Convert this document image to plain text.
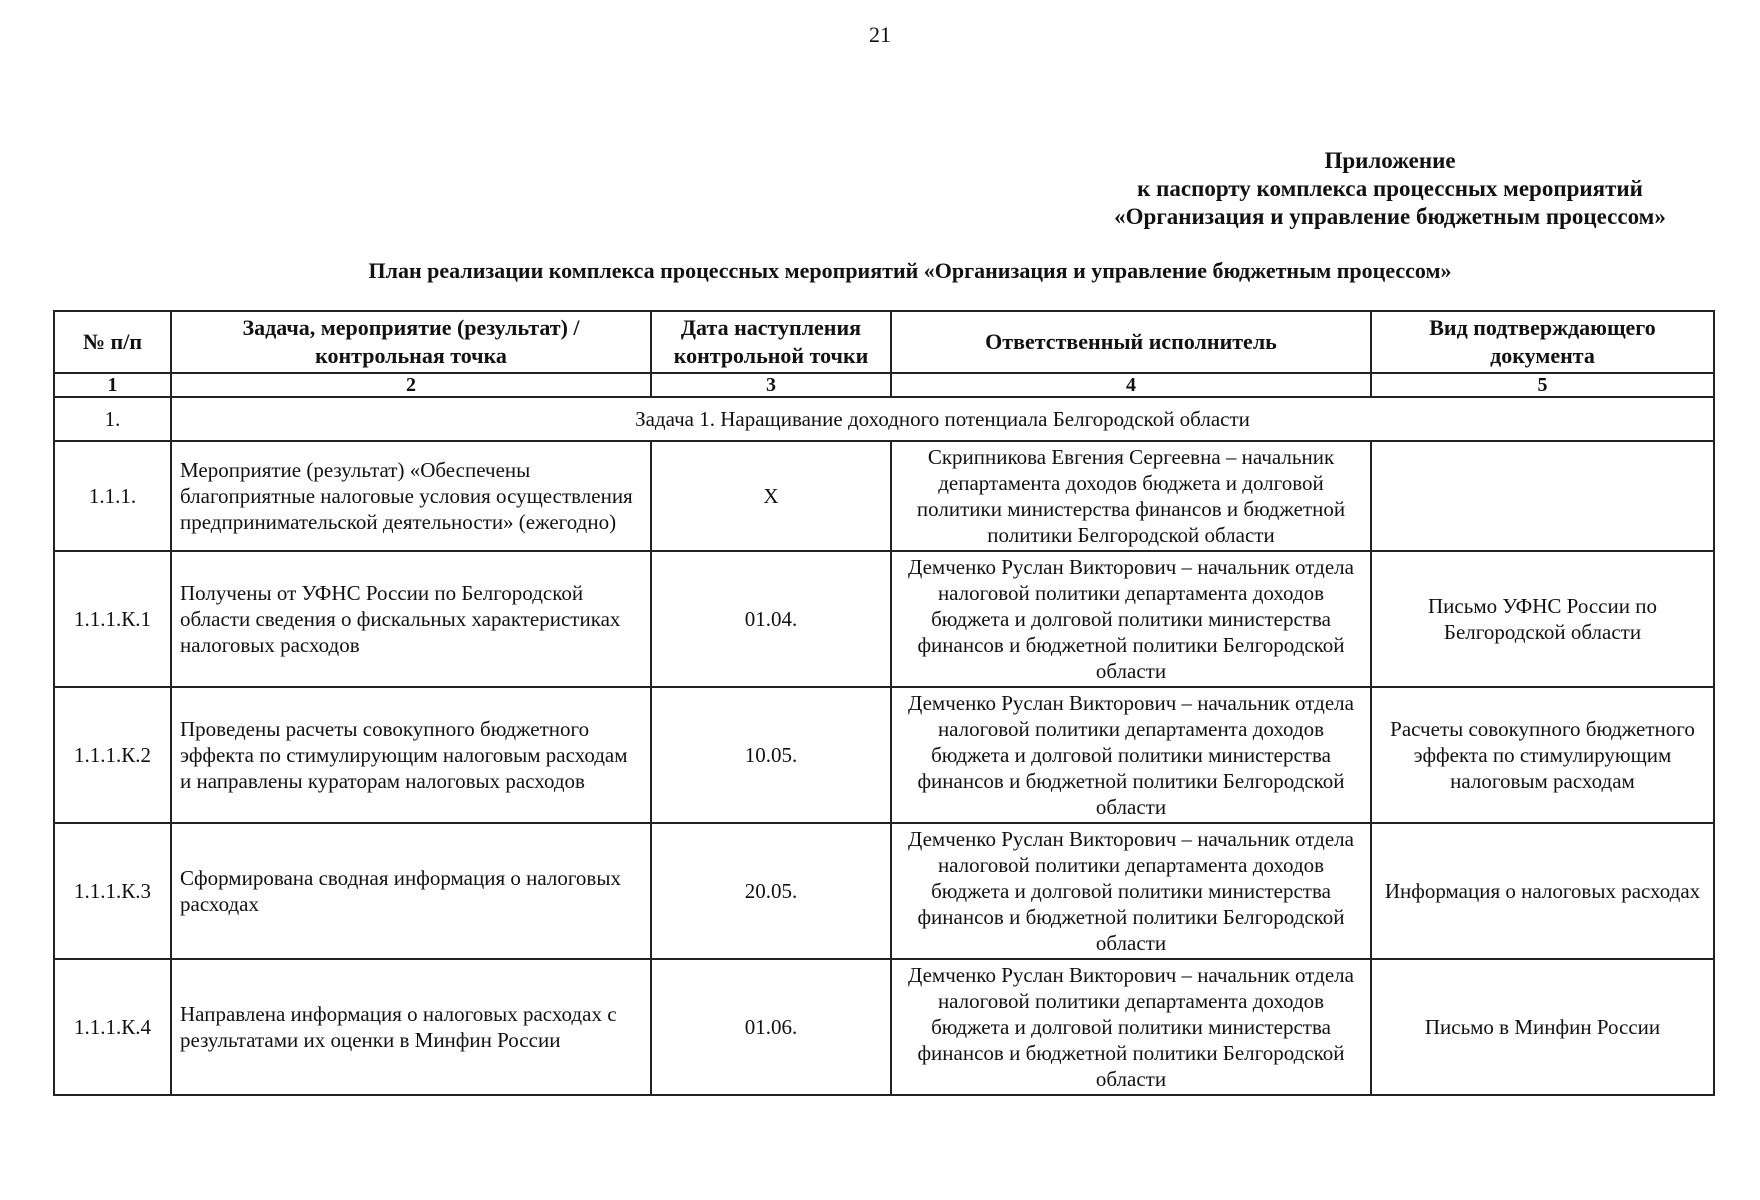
21
Приложение
к паспорту комплекса процессных мероприятий
«Организация и управление бюджетным процессом»
План реализации комплекса процессных мероприятий «Организация и управление бюджетным процессом»
№ п/п	Задача, мероприятие (результат) / контрольная точка	Дата наступления контрольной точки	Ответственный исполнитель	Вид подтверждающего документа
1	2	3	4	5
1.	Задача 1. Наращивание доходного потенциала Белгородской области			
1.1.1.	Мероприятие (результат) «Обеспечены благоприятные налоговые условия осуществления предпринимательской деятельности» (ежегодно)	Х	Скрипникова Евгения Сергеевна – начальник департамента доходов бюджета и долговой политики министерства финансов и бюджетной политики Белгородской области	
1.1.1.К.1	Получены от УФНС России по Белгородской области сведения о фискальных характеристиках налоговых расходов	01.04.	Демченко Руслан Викторович – начальник отдела налоговой политики департамента доходов бюджета и долговой политики министерства финансов и бюджетной политики Белгородской области	Письмо УФНС России по Белгородской области
1.1.1.К.2	Проведены расчеты совокупного бюджетного эффекта по стимулирующим налоговым расходам и направлены кураторам налоговых расходов	10.05.	Демченко Руслан Викторович – начальник отдела налоговой политики департамента доходов бюджета и долговой политики министерства финансов и бюджетной политики Белгородской области	Расчеты совокупного бюджетного эффекта по стимулирующим налоговым расходам
1.1.1.К.3	Сформирована сводная информация о налоговых расходах	20.05.	Демченко Руслан Викторович – начальник отдела налоговой политики департамента доходов бюджета и долговой политики министерства финансов и бюджетной политики Белгородской области	Информация о налоговых расходах
1.1.1.К.4	Направлена информация о налоговых расходах с результатами их оценки в Минфин России	01.06.	Демченко Руслан Викторович – начальник отдела налоговой политики департамента доходов бюджета и долговой политики министерства финансов и бюджетной политики Белгородской области	Письмо в Минфин России
